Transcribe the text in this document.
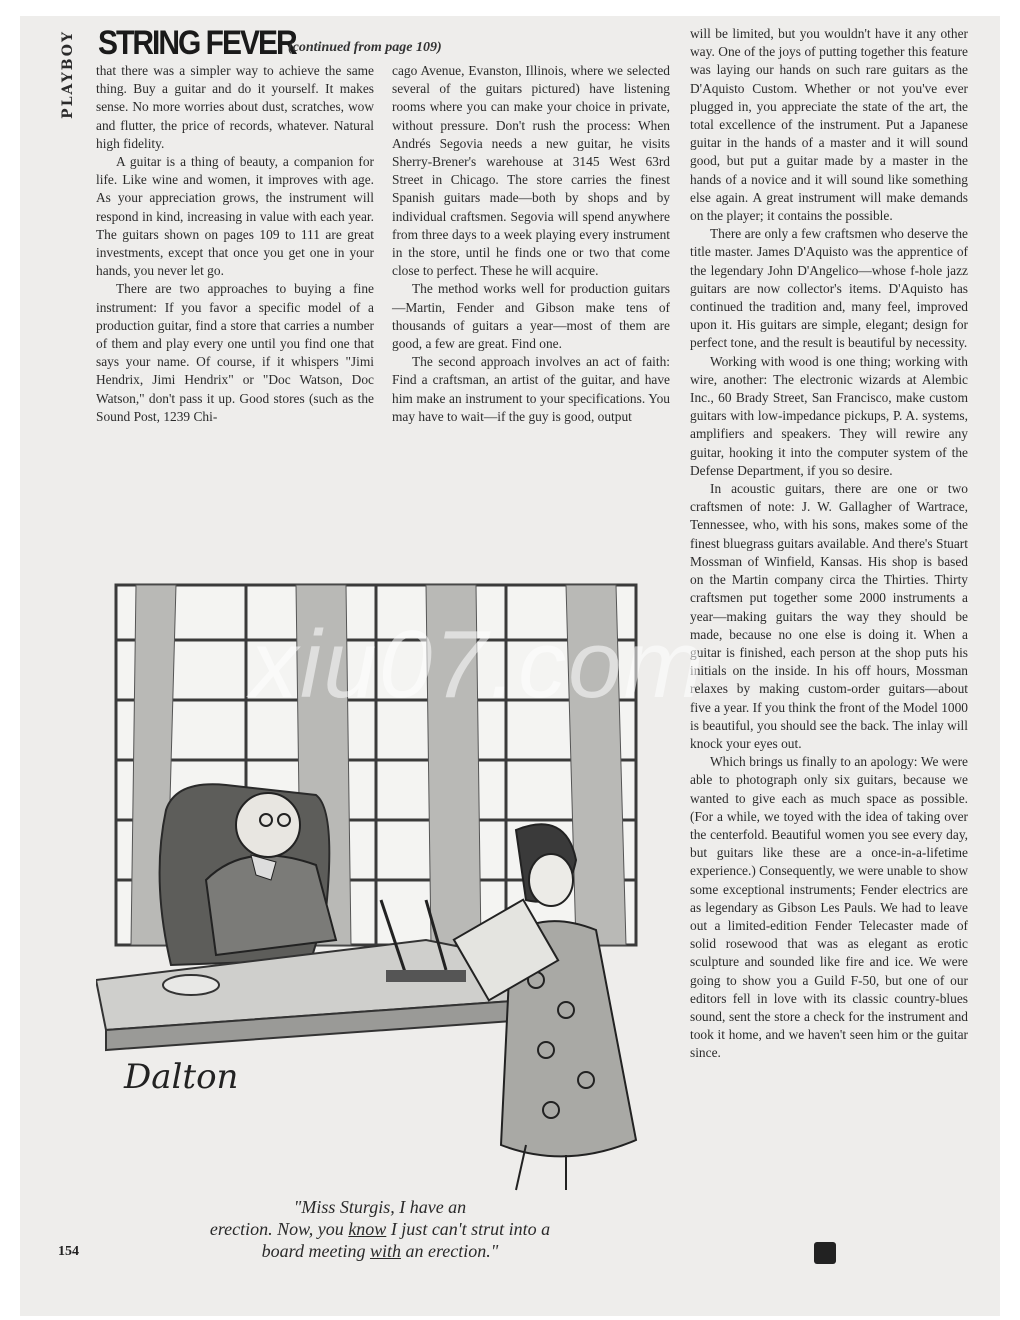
PLAYBOY STRING FEVER
(continued from page 109)

that there was a simpler way to achieve the same thing. Buy a guitar and do it yourself. It makes sense. No more worries about dust, scratches, wow and flutter, the price of records, whatever. Natural high fidelity.

A guitar is a thing of beauty, a companion for life. Like wine and women, it improves with age. As your appreciation grows, the instrument will respond in kind, increasing in value with each year. The guitars shown on pages 109 to 111 are great investments, except that once you get one in your hands, you never let go.

There are two approaches to buying a fine instrument: If you favor a specific model of a production guitar, find a store that carries a number of them and play every one until you find one that says your name. Of course, if it whispers "Jimi Hendrix, Jimi Hendrix" or "Doc Watson, Doc Watson," don't pass it up. Good stores (such as the Sound Post, 1239 Chi-

cago Avenue, Evanston, Illinois, where we selected several of the guitars pictured) have listening rooms where you can make your choice in private, without pressure. Don't rush the process: When Andrés Segovia needs a new guitar, he visits Sherry-Brener's warehouse at 3145 West 63rd Street in Chicago. The store carries the finest Spanish guitars made—both by shops and by individual craftsmen. Segovia will spend anywhere from three days to a week playing every instrument in the store, until he finds one or two that come close to perfect. These he will acquire.

The method works well for production guitars—Martin, Fender and Gibson make tens of thousands of guitars a year—most of them are good, a few are great. Find one.

The second approach involves an act of faith: Find a craftsman, an artist of the guitar, and have him make an instrument to your specifications. You may have to wait—if the guy is good, output

will be limited, but you wouldn't have it any other way. One of the joys of putting together this feature was laying our hands on such rare guitars as the D'Aquisto Custom. Whether or not you've ever plugged in, you appreciate the state of the art, the total excellence of the instrument. Put a Japanese guitar in the hands of a master and it will sound good, but put a guitar made by a master in the hands of a novice and it will sound like something else again. A great instrument will make demands on the player; it contains the possible.

There are only a few craftsmen who deserve the title master. James D'Aquisto was the apprentice of the legendary John D'Angelico—whose f-hole jazz guitars are now collector's items. D'Aquisto has continued the tradition and, many feel, improved upon it. His guitars are simple, elegant; design for perfect tone, and the result is beautiful by necessity.

Working with wood is one thing; working with wire, another: The electronic wizards at Alembic Inc., 60 Brady Street, San Francisco, make custom guitars with low-impedance pickups, P. A. systems, amplifiers and speakers. They will rewire any guitar, hooking it into the computer system of the Defense Department, if you so desire.

In acoustic guitars, there are one or two craftsmen of note: J. W. Gallagher of Wartrace, Tennessee, who, with his sons, makes some of the finest bluegrass guitars available. And there's Stuart Mossman of Winfield, Kansas. His shop is based on the Martin company circa the Thirties. Thirty craftsmen put together some 2000 instruments a year—making guitars the way they should be made, because no one else is doing it. When a guitar is finished, each person at the shop puts his initials on the inside. In his off hours, Mossman relaxes by making custom-order guitars—about five a year. If you think the front of the Model 1000 is beautiful, you should see the back. The inlay will knock your eyes out.

Which brings us finally to an apology: We were able to photograph only six guitars, because we wanted to give each as much space as possible. (For a while, we toyed with the idea of taking over the centerfold. Beautiful women you see every day, but guitars like these are a once-in-a-lifetime experience.) Consequently, we were unable to show some exceptional instruments; Fender electrics are as legendary as Gibson Les Pauls. We had to leave out a limited-edition Fender Telecaster made of solid rosewood that was as elegant as erotic sculpture and sounded like fire and ice. We were going to show you a Guild F-50, but one of our editors fell in love with its classic country-blues sound, sent the store a check for the instrument and took it home, and we haven't seen him or the guitar since.

Dalton
xiu07.com
"Miss Sturgis, I have an
erection. Now, you know I just can't strut into a
board meeting with an erection."
154
